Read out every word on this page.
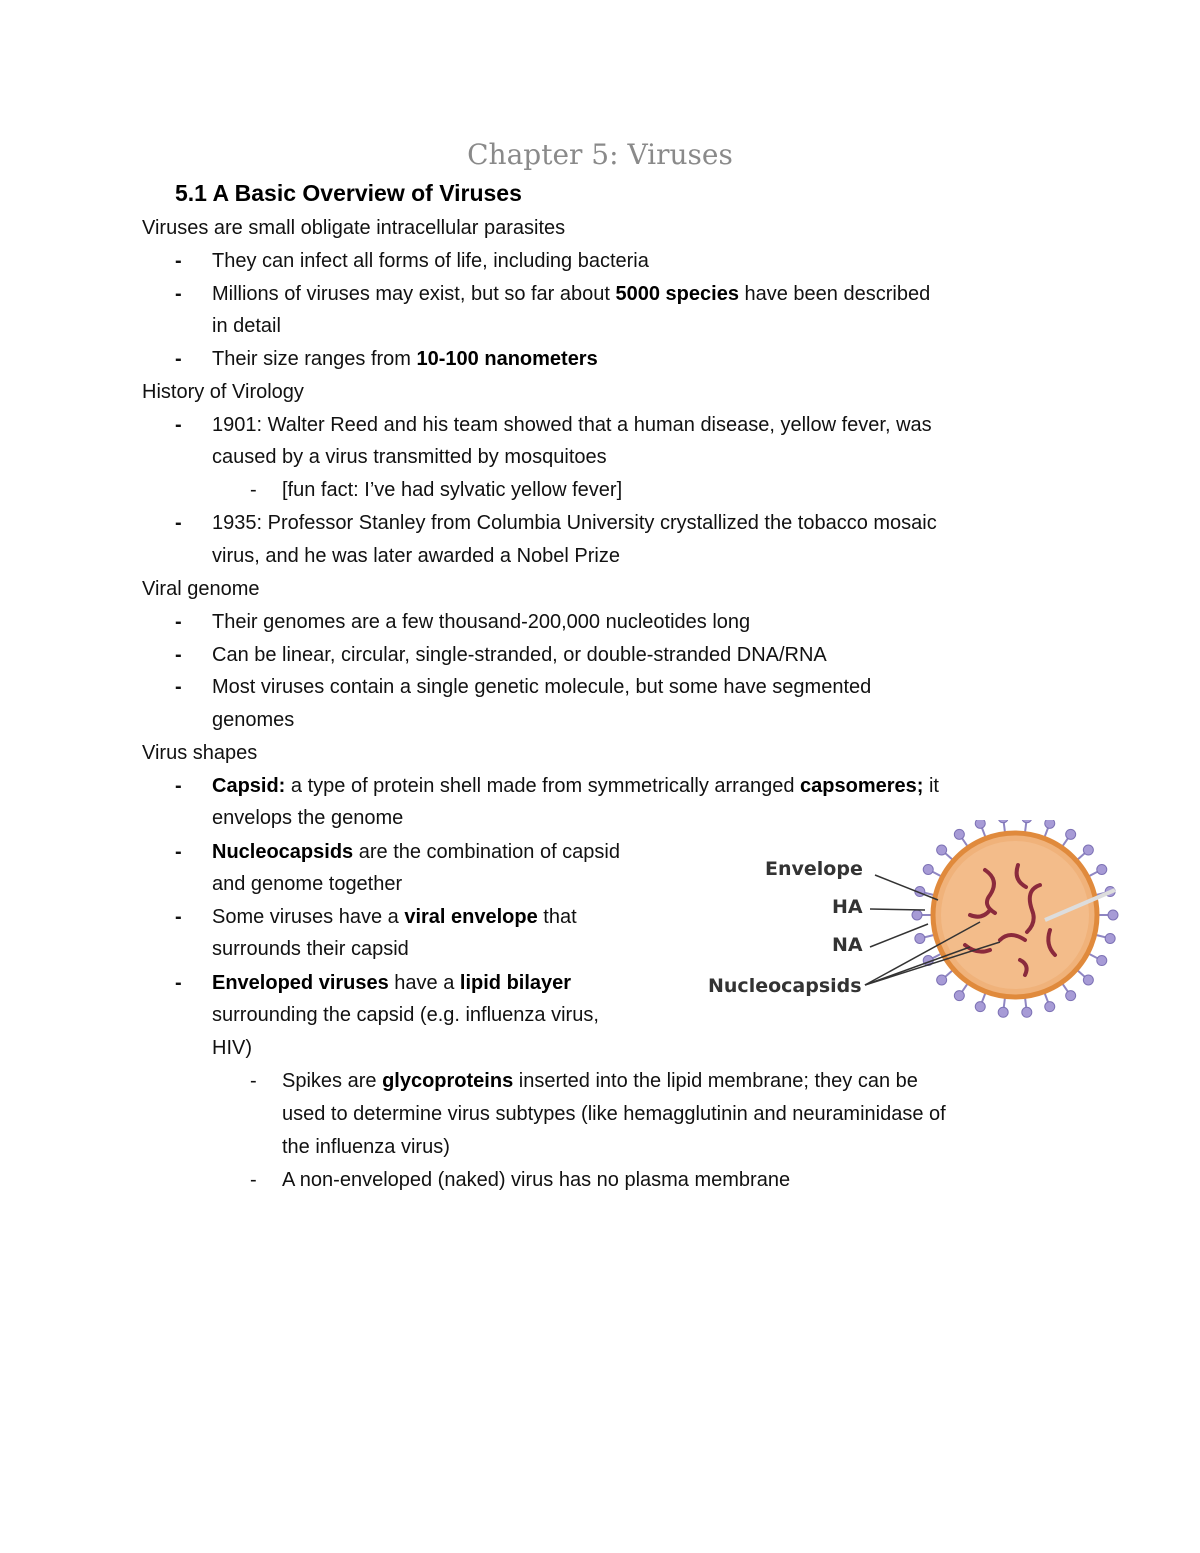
Chapter 5: Viruses
5.1 A Basic Overview of Viruses
Viruses are small obligate intracellular parasites
- They can infect all forms of life, including bacteria
- Millions of viruses may exist, but so far about 5000 species have been described
in detail
- Their size ranges from 10-100 nanometers
History of Virology
- 1901: Walter Reed and his team showed that a human disease, yellow fever, was
caused by a virus transmitted by mosquitoes
- [fun fact: I’ve had sylvatic yellow fever]
- 1935: Professor Stanley from Columbia University crystallized the tobacco mosaic
virus, and he was later awarded a Nobel Prize
Viral genome
- Their genomes are a few thousand-200,000 nucleotides long
- Can be linear, circular, single-stranded, or double-stranded DNA/RNA
- Most viruses contain a single genetic molecule, but some have segmented
genomes
Virus shapes
- Capsid: a type of protein shell made from symmetrically arranged capsomeres; it
envelops the genome
- Nucleocapsids are the combination of capsid
and genome together
- Some viruses have a viral envelope that
surrounds their capsid
- Enveloped viruses have a lipid bilayer
surrounding the capsid (e.g. influenza virus,
HIV)
- Spikes are glycoproteins inserted into the lipid membrane; they can be
used to determine virus subtypes (like hemagglutinin and neuraminidase of
the influenza virus)
- A non-enveloped (naked) virus has no plasma membrane
Envelope
HA
NA
Nucleocapsids
